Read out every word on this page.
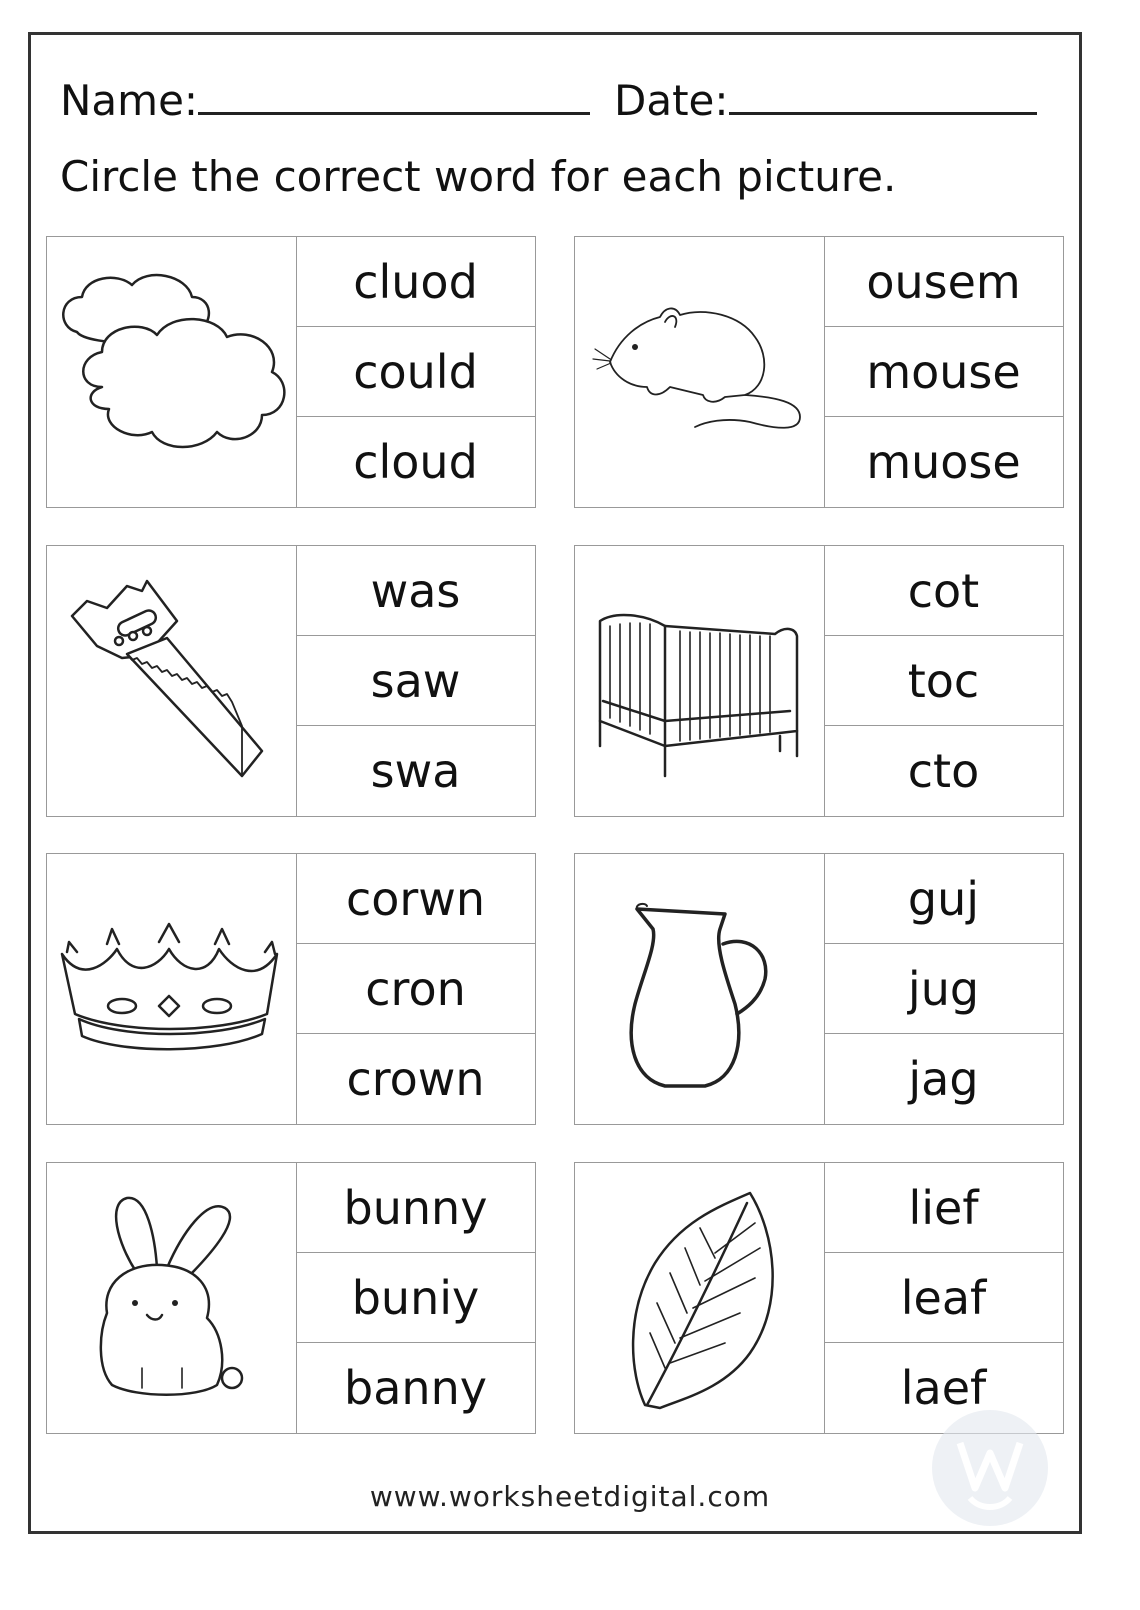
Name:	Date:
Circle the correct word for each picture.
cluod
could
cloud
ousem
mouse
muose
was
saw
swa
cot
toc
cto
corwn
cron
crown
guj
jug
jag
bunny
buniy
banny
lief
leaf
laef
www.worksheetdigital.com
